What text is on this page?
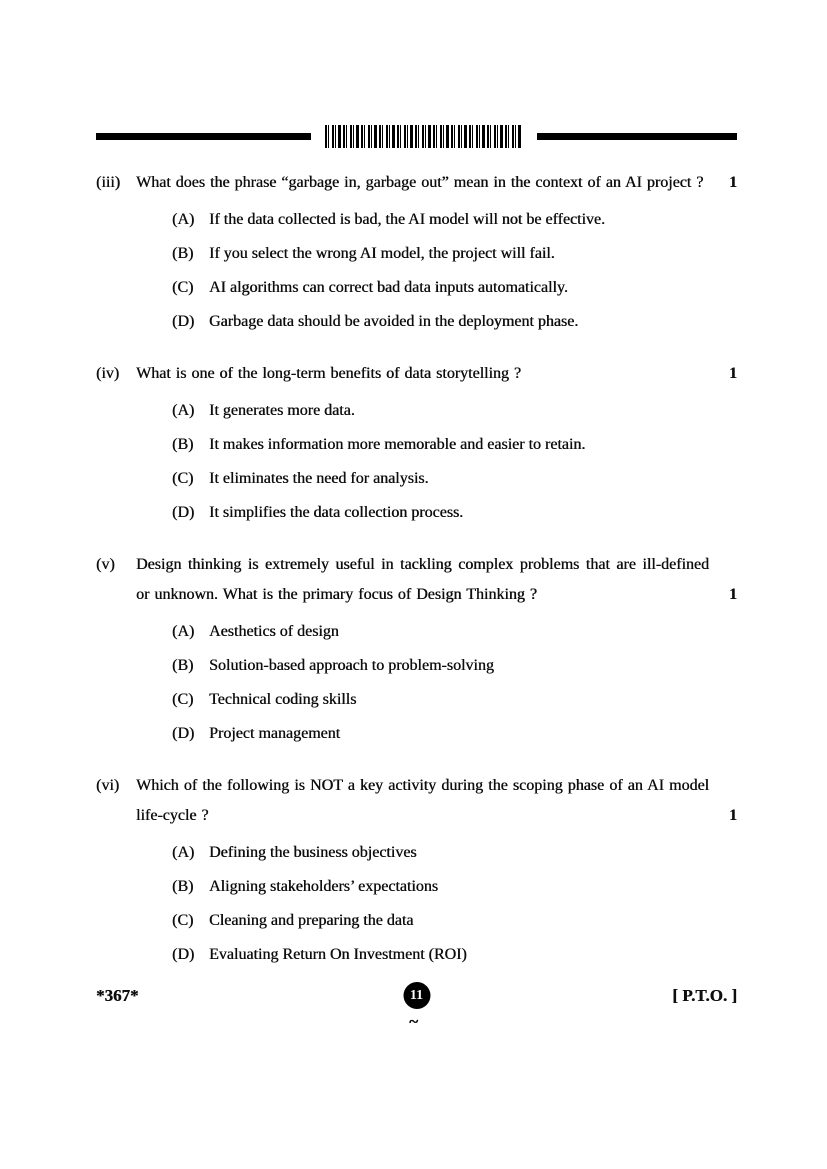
(iii)	What does the phrase “garbage in, garbage out” mean in the context of an AI project ?	1
(A) If the data collected is bad, the AI model will not be effective.
(B) If you select the wrong AI model, the project will fail.
(C) AI algorithms can correct bad data inputs automatically.
(D) Garbage data should be avoided in the deployment phase.
(iv)	What is one of the long-term benefits of data storytelling ?	1
(A) It generates more data.
(B) It makes information more memorable and easier to retain.
(C) It eliminates the need for analysis.
(D) It simplifies the data collection process.
(v)	Design thinking is extremely useful in tackling complex problems that are ill-defined or unknown. What is the primary focus of Design Thinking ?	1
(A) Aesthetics of design
(B) Solution-based approach to problem-solving
(C) Technical coding skills
(D) Project management
(vi)	Which of the following is NOT a key activity during the scoping phase of an AI model life-cycle ?	1
(A) Defining the business objectives
(B) Aligning stakeholders’ expectations
(C) Cleaning and preparing the data
(D) Evaluating Return On Investment (ROI)
*367*	11	[ P.T.O. ]
~
